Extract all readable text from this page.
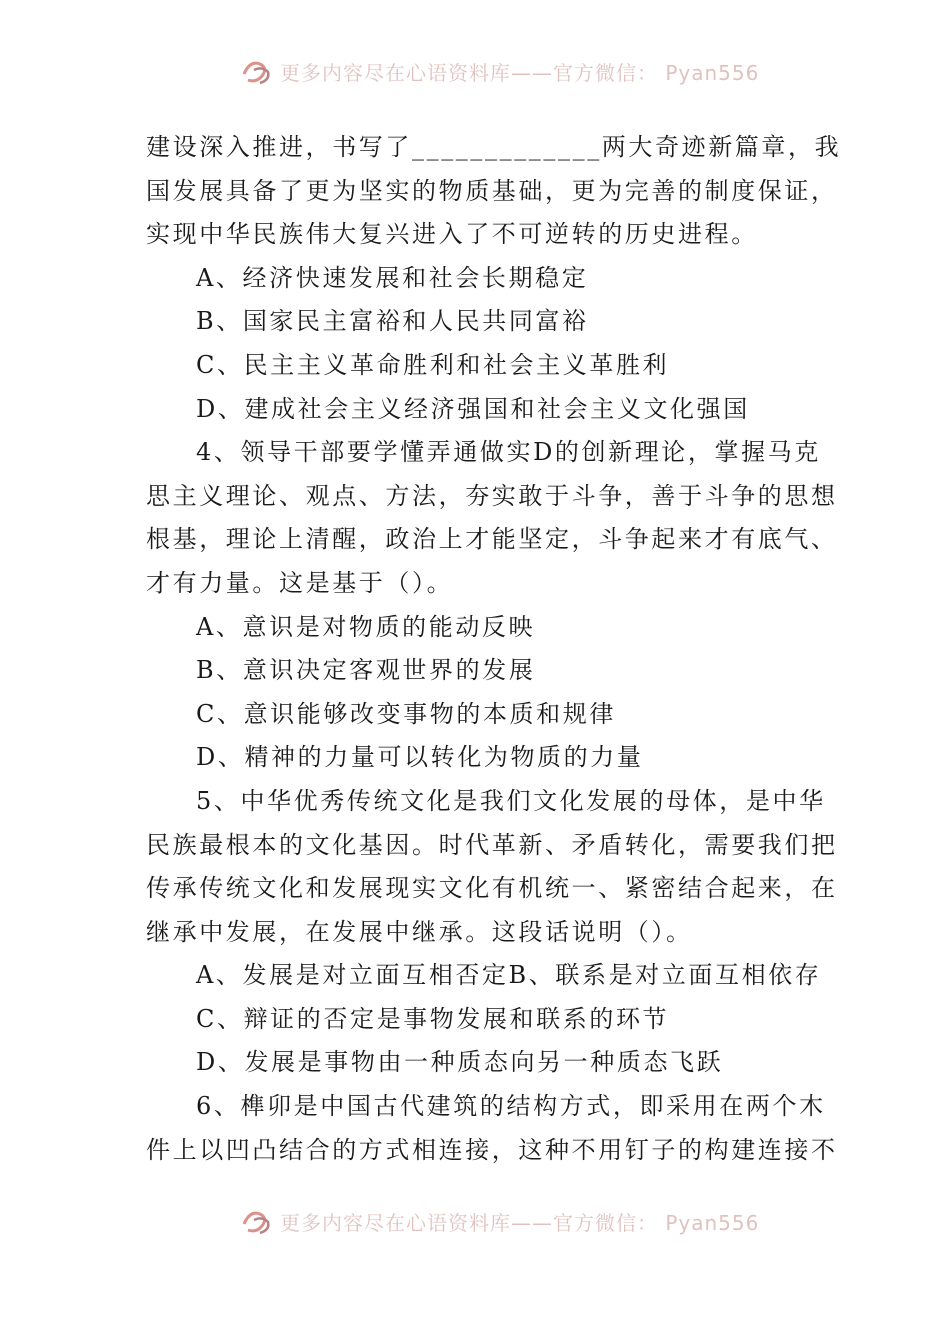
更多内容尽在心语资料库——官方微信： Pyan556
建设深入推进，书写了_____________两大奇迹新篇章，我
国发展具备了更为坚实的物质基础，更为完善的制度保证，
实现中华民族伟大复兴进入了不可逆转的历史进程。
A、经济快速发展和社会长期稳定
B、国家民主富裕和人民共同富裕
C、民主主义革命胜利和社会主义革胜利
D、建成社会主义经济强国和社会主义文化强国
4、领导干部要学懂弄通做实D的创新理论，掌握马克
思主义理论、观点、方法，夯实敢于斗争，善于斗争的思想
根基，理论上清醒，政治上才能坚定，斗争起来才有底气、
才有力量。这是基于（）。
A、意识是对物质的能动反映
B、意识决定客观世界的发展
C、意识能够改变事物的本质和规律
D、精神的力量可以转化为物质的力量
5、中华优秀传统文化是我们文化发展的母体，是中华
民族最根本的文化基因。时代革新、矛盾转化，需要我们把
传承传统文化和发展现实文化有机统一、紧密结合起来，在
继承中发展，在发展中继承。这段话说明（）。
A、发展是对立面互相否定B、联系是对立面互相依存
C、辩证的否定是事物发展和联系的环节
D、发展是事物由一种质态向另一种质态飞跃
6、榫卯是中国古代建筑的结构方式，即采用在两个木
件上以凹凸结合的方式相连接，这种不用钉子的构建连接不
更多内容尽在心语资料库——官方微信： Pyan556
